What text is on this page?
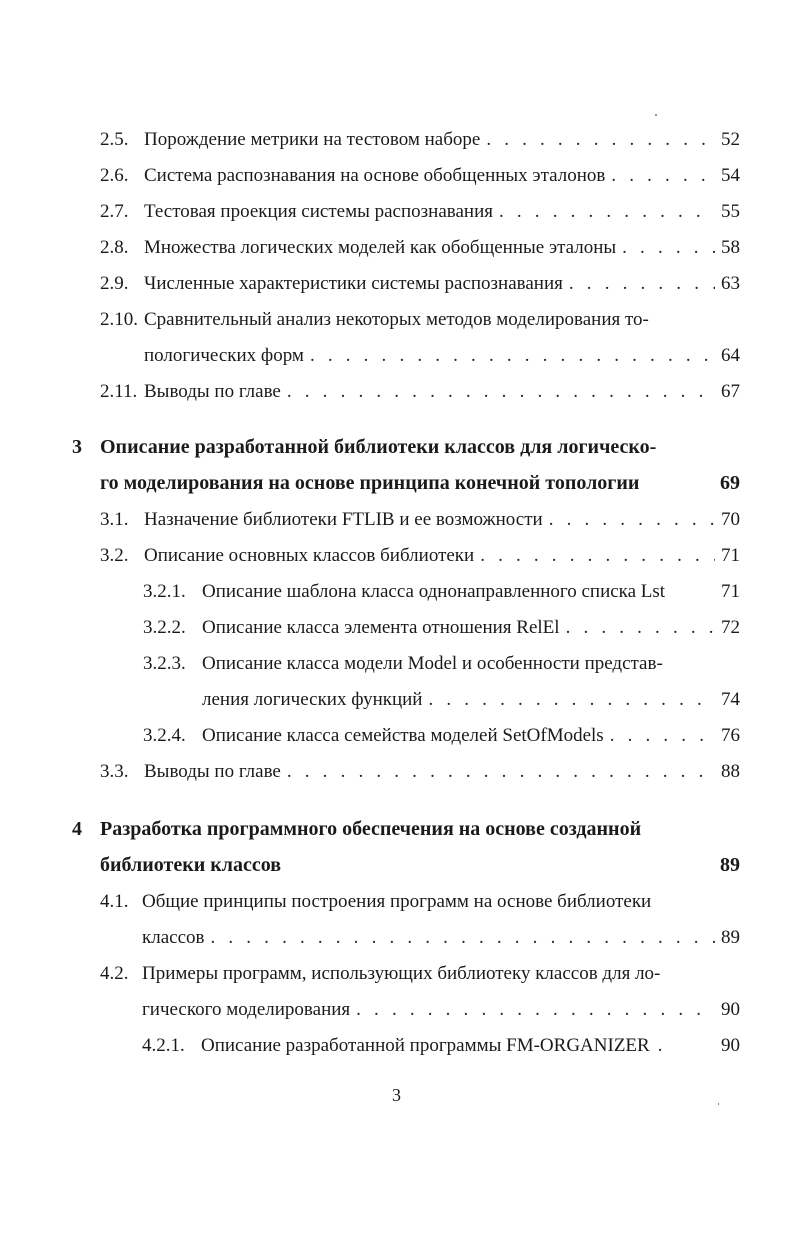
2.5. Порождение метрики на тестовом наборе . . .	52
2.6. Система распознавания на основе обобщенных эталонов . . .	54
2.7. Тестовая проекция системы распознавания . . .	55
2.8. Множества логических моделей как обобщенные эталоны . . .	58
2.9. Численные характеристики системы распознавания . . .	63
2.10. Сравнительный анализ некоторых методов моделирования то-
пологических форм . . .	64
2.11. Выводы по главе . . .	67
3 Описание разработанной библиотеки классов для логическо-
го моделирования на основе принципа конечной топологии	69
3.1. Назначение библиотеки FTLIB и ее возможности . . .	70
3.2. Описание основных классов библиотеки . . .	71
3.2.1. Описание шаблона класса однонаправленного списка Lst	71
3.2.2. Описание класса элемента отношения RelEl . . .	72
3.2.3. Описание класса модели Model и особенности представ-
ления логических функций . . .	74
3.2.4. Описание класса семейства моделей SetOfModels . . .	76
3.3. Выводы по главе . . .	88
4 Разработка программного обеспечения на основе созданной
библиотеки классов	89
4.1. Общие принципы построения программ на основе библиотеки
классов . . .	89
4.2. Примеры программ, использующих библиотеку классов для ло-
гического моделирования . . .	90
4.2.1. Описание разработанной программы FM-ORGANIZER .	90
3
